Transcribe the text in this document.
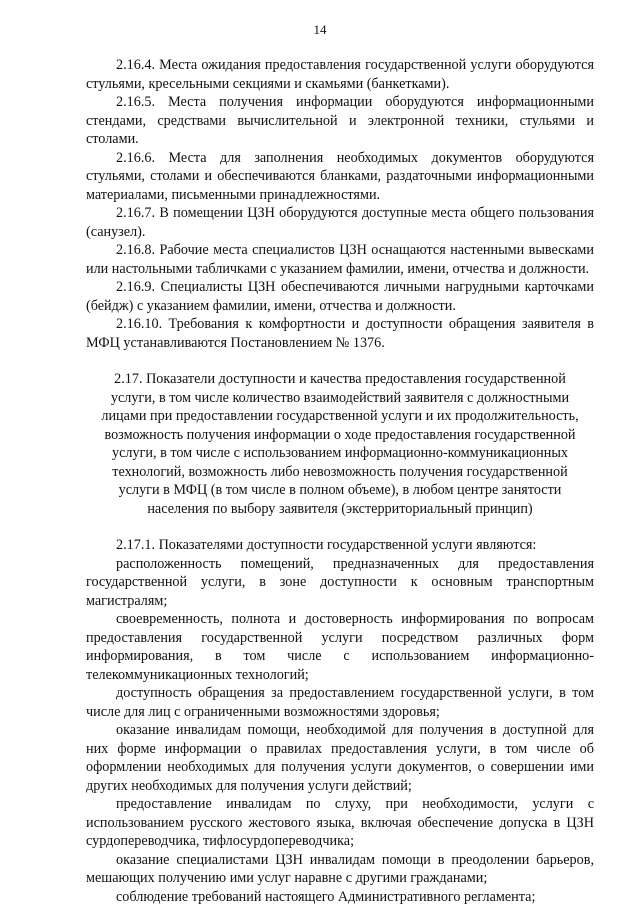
14

2.16.4. Места ожидания предоставления государственной услуги оборудуются стульями, кресельными секциями и скамьями (банкетками).

2.16.5. Места получения информации оборудуются информационными стендами, средствами вычислительной и электронной техники, стульями и столами.

2.16.6. Места для заполнения необходимых документов оборудуются стульями, столами и обеспечиваются бланками, раздаточными информационными материалами, письменными принадлежностями.

2.16.7. В помещении ЦЗН оборудуются доступные места общего пользования (санузел).

2.16.8. Рабочие места специалистов ЦЗН оснащаются настенными вывесками или настольными табличками с указанием фамилии, имени, отчества и должности.

2.16.9. Специалисты ЦЗН обеспечиваются личными нагрудными карточками (бейдж) с указанием фамилии, имени, отчества и должности.

2.16.10. Требования к комфортности и доступности обращения заявителя в МФЦ устанавливаются Постановлением № 1376.

2.17. Показатели доступности и качества предоставления государственной услуги, в том числе количество взаимодействий заявителя с должностными лицами при предоставлении государственной услуги и их продолжительность, возможность получения информации о ходе предоставления государственной услуги, в том числе с использованием информационно-коммуникационных технологий, возможность либо невозможность получения государственной услуги в МФЦ (в том числе в полном объеме), в любом центре занятости населения по выбору заявителя (экстерриториальный принцип)

2.17.1. Показателями доступности государственной услуги являются:

расположенность помещений, предназначенных для предоставления государственной услуги, в зоне доступности к основным транспортным магистралям;

своевременность, полнота и достоверность информирования по вопросам предоставления государственной услуги посредством различных форм информирования, в том числе с использованием информационно-телекоммуникационных технологий;

доступность обращения за предоставлением государственной услуги, в том числе для лиц с ограниченными возможностями здоровья;

оказание инвалидам помощи, необходимой для получения в доступной для них форме информации о правилах предоставления услуги, в том числе об оформлении необходимых для получения услуги документов, о совершении ими других необходимых для получения услуги действий;

предоставление инвалидам по слуху, при необходимости, услуги с использованием русского жестового языка, включая обеспечение допуска в ЦЗН сурдопереводчика, тифлосурдопереводчика;

оказание специалистами ЦЗН инвалидам помощи в преодолении барьеров, мешающих получению ими услуг наравне с другими гражданами;

соблюдение требований настоящего Административного регламента;
